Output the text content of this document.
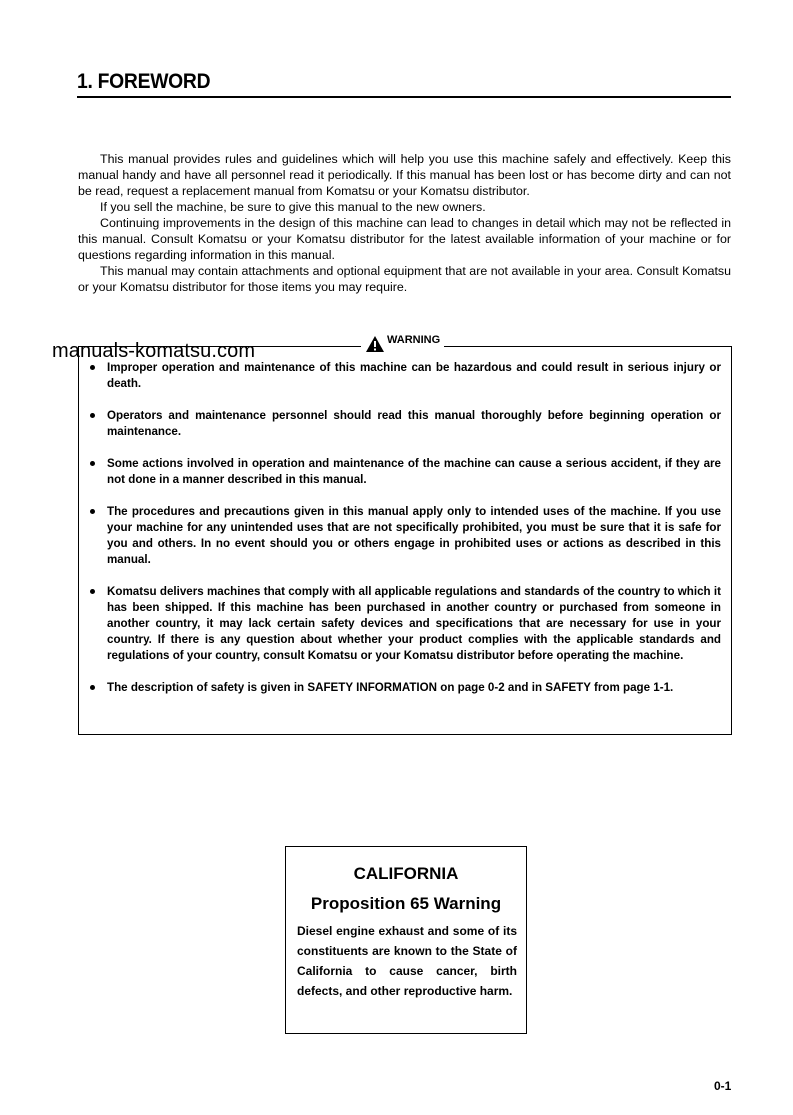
1. FOREWORD

This manual provides rules and guidelines which will help you use this machine safely and effectively. Keep this manual handy and have all personnel read it periodically. If this manual has been lost or has become dirty and can not be read, request a replacement manual from Komatsu or your Komatsu distributor.

If you sell the machine, be sure to give this manual to the new owners.

Continuing improvements in the design of this machine can lead to changes in detail which may not be reflected in this manual. Consult Komatsu or your Komatsu distributor for the latest available information of your machine or for questions regarding information in this manual.

This manual may contain attachments and optional equipment that are not available in your area. Consult Komatsu or your Komatsu distributor for those items you may require.

WARNING
Improper operation and maintenance of this machine can be hazardous and could result in serious injury or death.
Operators and maintenance personnel should read this manual thoroughly before beginning operation or maintenance.
Some actions involved in operation and maintenance of the machine can cause a serious accident, if they are not done in a manner described in this manual.
The procedures and precautions given in this manual apply only to intended uses of the machine. If you use your machine for any unintended uses that are not specifically prohibited, you must be sure that it is safe for you and others. In no event should you or others engage in prohibited uses or actions as described in this manual.
Komatsu delivers machines that comply with all applicable regulations and standards of the country to which it has been shipped. If this machine has been purchased in another country or purchased from someone in another country, it may lack certain safety devices and specifications that are necessary for use in your country. If there is any question about whether your product complies with the applicable standards and regulations of your country, consult Komatsu or your Komatsu distributor before operating the machine.
The description of safety is given in SAFETY INFORMATION on page 0-2 and in SAFETY from page 1-1.
manuals-komatsu.com
CALIFORNIA
Proposition 65 Warning
Diesel engine exhaust and some of its constituents are known to the State of California to cause cancer, birth defects, and other reproductive harm.
0-1
